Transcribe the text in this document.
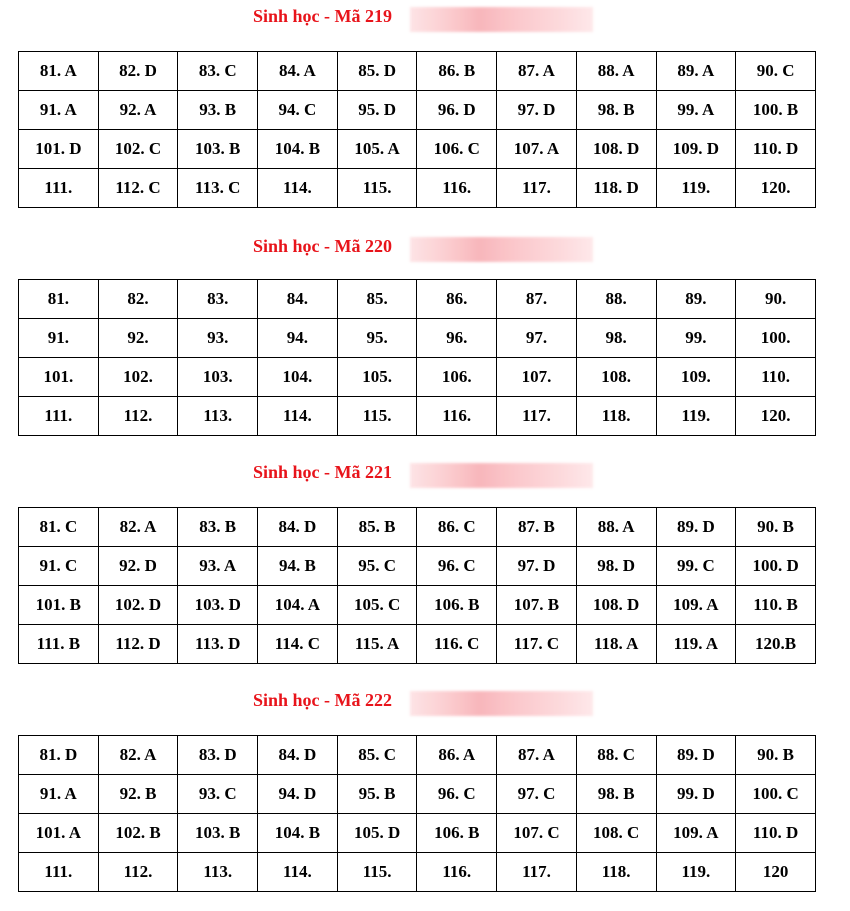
Sinh học - Mã 219
81. A	82. D	83. C	84. A	85. D	86. B	87. A	88. A	89. A	90. C
91. A	92. A	93. B	94. C	95. D	96. D	97. D	98. B	99. A	100. B
101. D	102. C	103. B	104. B	105. A	106. C	107. A	108. D	109. D	110. D
111.	112. C	113. C	114.	115.	116.	117.	118. D	119.	120.
Sinh học - Mã 220
81.	82.	83.	84.	85.	86.	87.	88.	89.	90.
91.	92.	93.	94.	95.	96.	97.	98.	99.	100.
101.	102.	103.	104.	105.	106.	107.	108.	109.	110.
111.	112.	113.	114.	115.	116.	117.	118.	119.	120.
Sinh học - Mã 221
81. C	82. A	83. B	84. D	85. B	86. C	87. B	88. A	89. D	90. B
91. C	92. D	93. A	94. B	95. C	96. C	97. D	98. D	99. C	100. D
101. B	102. D	103. D	104. A	105. C	106. B	107. B	108. D	109. A	110. B
111. B	112. D	113. D	114. C	115. A	116. C	117. C	118. A	119. A	120.B
Sinh học - Mã 222
81. D	82. A	83. D	84. D	85. C	86. A	87. A	88. C	89. D	90. B
91. A	92. B	93. C	94. D	95. B	96. C	97. C	98. B	99. D	100. C
101. A	102. B	103. B	104. B	105. D	106. B	107. C	108. C	109. A	110. D
111.	112.	113.	114.	115.	116.	117.	118.	119.	120
